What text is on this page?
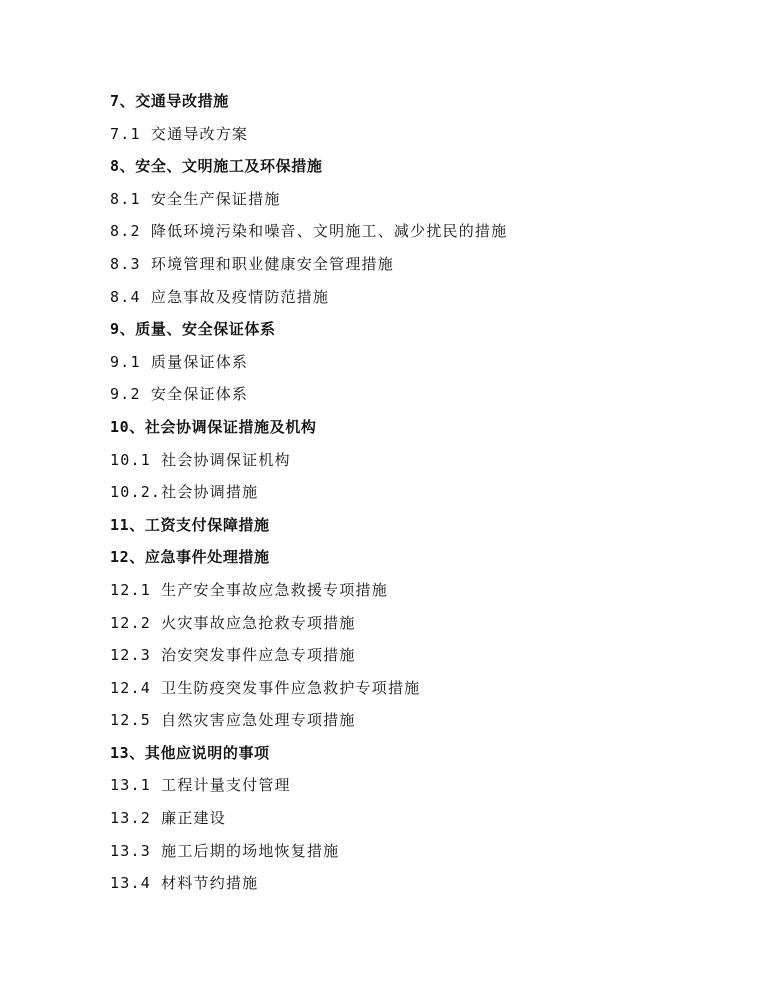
7、交通导改措施
7.1 交通导改方案
8、安全、文明施工及环保措施
8.1 安全生产保证措施
8.2 降低环境污染和噪音、文明施工、减少扰民的措施
8.3 环境管理和职业健康安全管理措施
8.4 应急事故及疫情防范措施
9、质量、安全保证体系
9.1 质量保证体系
9.2 安全保证体系
10、社会协调保证措施及机构
10.1 社会协调保证机构
10.2.社会协调措施
11、工资支付保障措施
12、应急事件处理措施
12.1 生产安全事故应急救援专项措施
12.2 火灾事故应急抢救专项措施
12.3 治安突发事件应急专项措施
12.4 卫生防疫突发事件应急救护专项措施
12.5 自然灾害应急处理专项措施
13、其他应说明的事项
13.1 工程计量支付管理
13.2 廉正建设
13.3 施工后期的场地恢复措施
13.4 材料节约措施
